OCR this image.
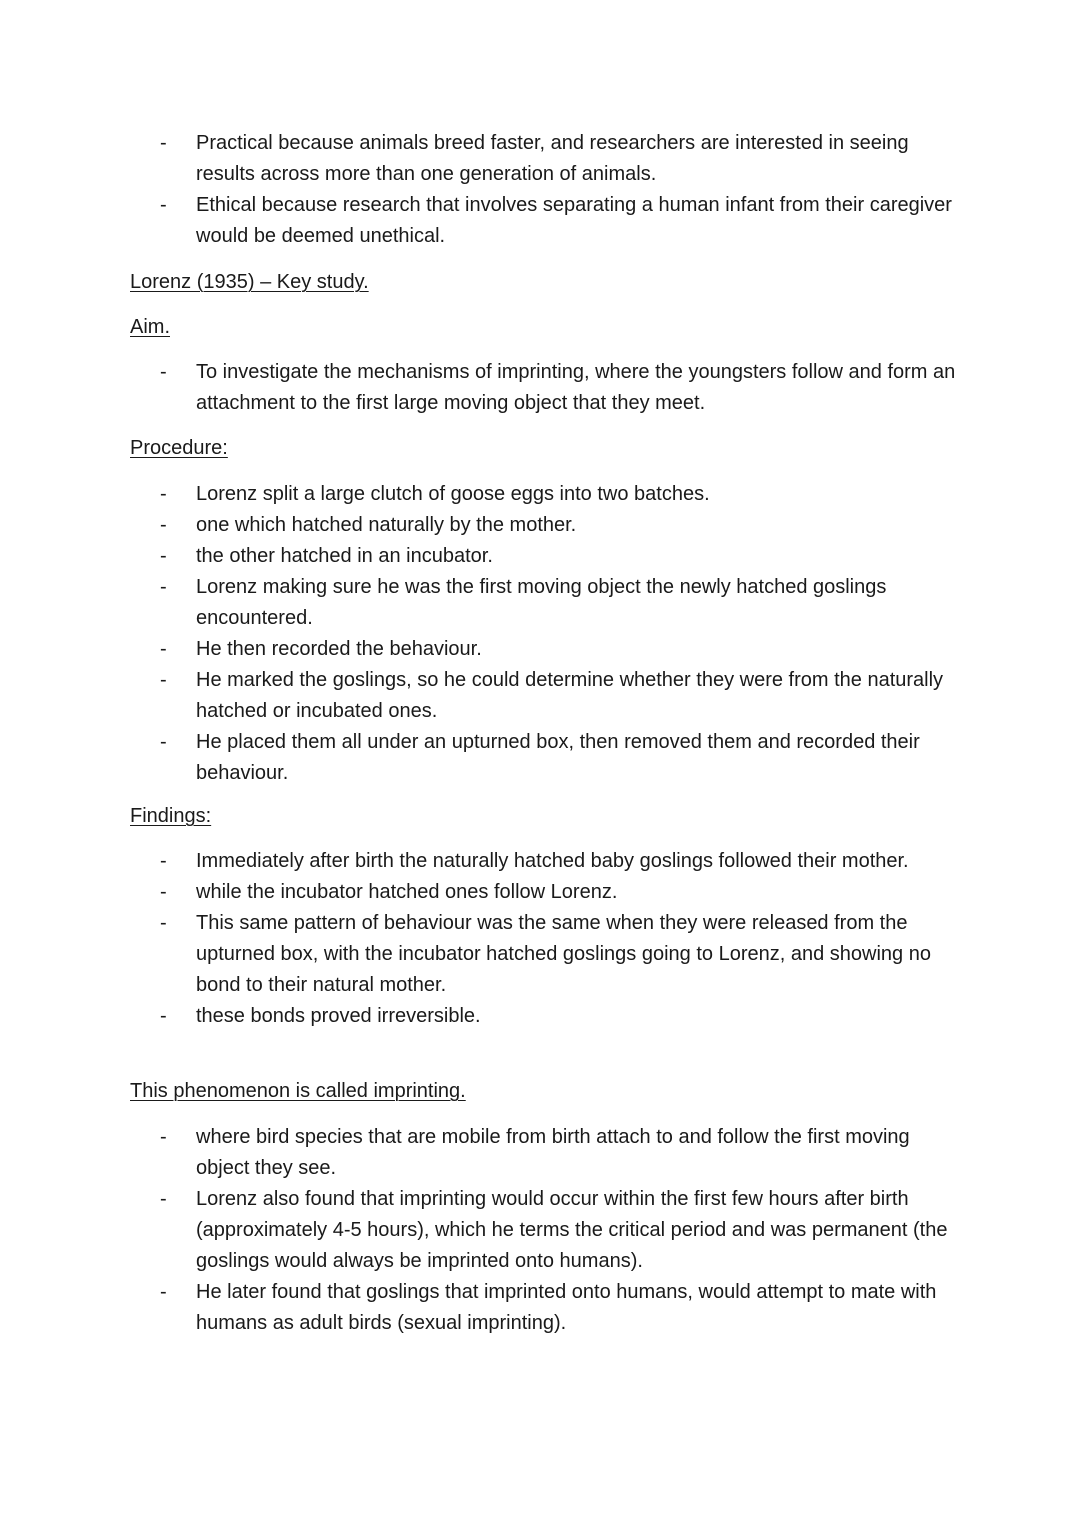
- Practical because animals breed faster, and researchers are interested in seeing results across more than one generation of animals.
- Ethical because research that involves separating a human infant from their caregiver would be deemed unethical.
Lorenz (1935) – Key study.
Aim.
- To investigate the mechanisms of imprinting, where the youngsters follow and form an attachment to the first large moving object that they meet.
Procedure:
- Lorenz split a large clutch of goose eggs into two batches.
- one which hatched naturally by the mother.
- the other hatched in an incubator.
- Lorenz making sure he was the first moving object the newly hatched goslings encountered.
- He then recorded the behaviour.
- He marked the goslings, so he could determine whether they were from the naturally hatched or incubated ones.
- He placed them all under an upturned box, then removed them and recorded their behaviour.
Findings:
- Immediately after birth the naturally hatched baby goslings followed their mother.
- while the incubator hatched ones follow Lorenz.
- This same pattern of behaviour was the same when they were released from the upturned box, with the incubator hatched goslings going to Lorenz, and showing no bond to their natural mother.
- these bonds proved irreversible.
This phenomenon is called imprinting.
- where bird species that are mobile from birth attach to and follow the first moving object they see.
- Lorenz also found that imprinting would occur within the first few hours after birth (approximately 4-5 hours), which he terms the critical period and was permanent (the goslings would always be imprinted onto humans).
- He later found that goslings that imprinted onto humans, would attempt to mate with humans as adult birds (sexual imprinting).
